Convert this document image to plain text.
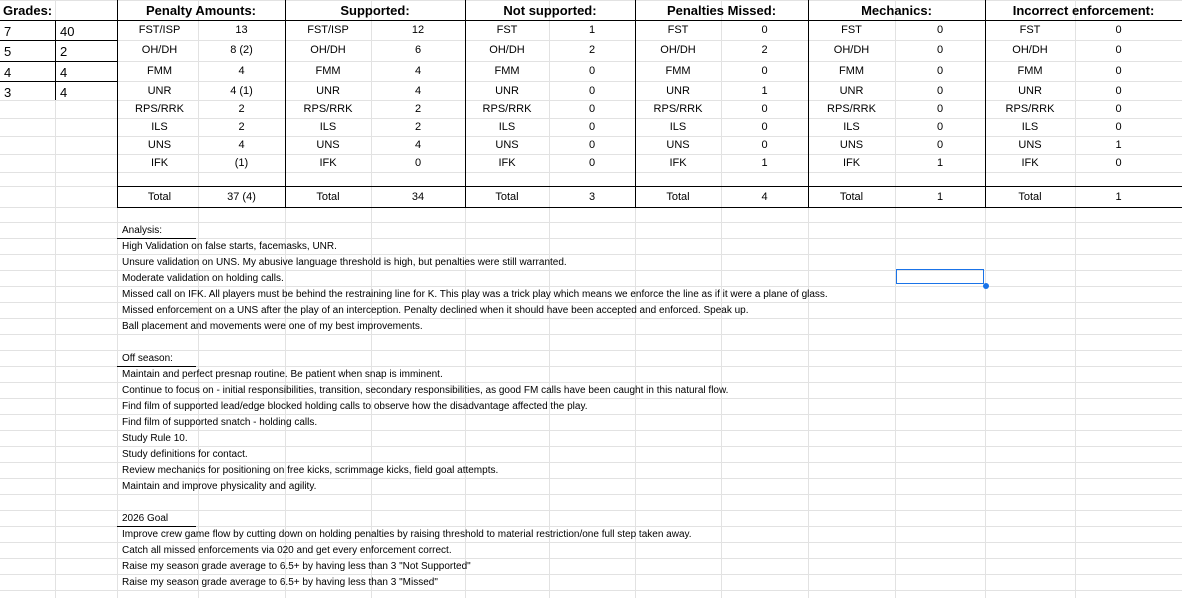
Grades:
7	40
5	2
4	4
3	4
Penalty Amounts:
FST/ISP	13
OH/DH	8 (2)
FMM	4
UNR	4 (1)
RPS/RRK	2
ILS	2
UNS	4
IFK	(1)
Total	37 (4)
Supported:
FST/ISP	12
OH/DH	6
FMM	4
UNR	4
RPS/RRK	2
ILS	2
UNS	4
IFK	0
Total	34
Not supported:
FST	1
OH/DH	2
FMM	0
UNR	0
RPS/RRK	0
ILS	0
UNS	0
IFK	0
Total	3
Penalties Missed:
FST	0
OH/DH	2
FMM	0
UNR	1
RPS/RRK	0
ILS	0
UNS	0
IFK	1
Total	4
Mechanics:
FST	0
OH/DH	0
FMM	0
UNR	0
RPS/RRK	0
ILS	0
UNS	0
IFK	1
Total	1
Incorrect enforcement:
FST	0
OH/DH	0
FMM	0
UNR	0
RPS/RRK	0
ILS	0
UNS	1
IFK	0
Total	1
Analysis:
High Validation on false starts, facemasks, UNR.
Unsure validation on UNS. My abusive language threshold is high, but penalties were still warranted.
Moderate validation on holding calls.
Missed call on IFK. All players must be behind the restraining line for K. This play was a trick play which means we enforce the line as if it were a plane of glass.
Missed enforcement on a UNS after the play of an interception. Penalty declined when it should have been accepted and enforced. Speak up.
Ball placement and movements were one of my best improvements.
Off season:
Maintain and perfect presnap routine. Be patient when snap is imminent.
Continue to focus on - initial responsibilities, transition, secondary responsibilities, as good FM calls have been caught in this natural flow.
Find film of supported lead/edge blocked holding calls to observe how the disadvantage affected the play.
Find film of supported snatch - holding calls.
Study Rule 10.
Study definitions for contact.
Review mechanics for positioning on free kicks, scrimmage kicks, field goal attempts.
Maintain and improve physicality and agility.
2026 Goal
Improve crew game flow by cutting down on holding penalties by raising threshold to material restriction/one full step taken away.
Catch all missed enforcements via 020 and get every enforcement correct.
Raise my season grade average to 6.5+ by having less than 3 "Not Supported"
Raise my season grade average to 6.5+ by having less than 3 "Missed"
